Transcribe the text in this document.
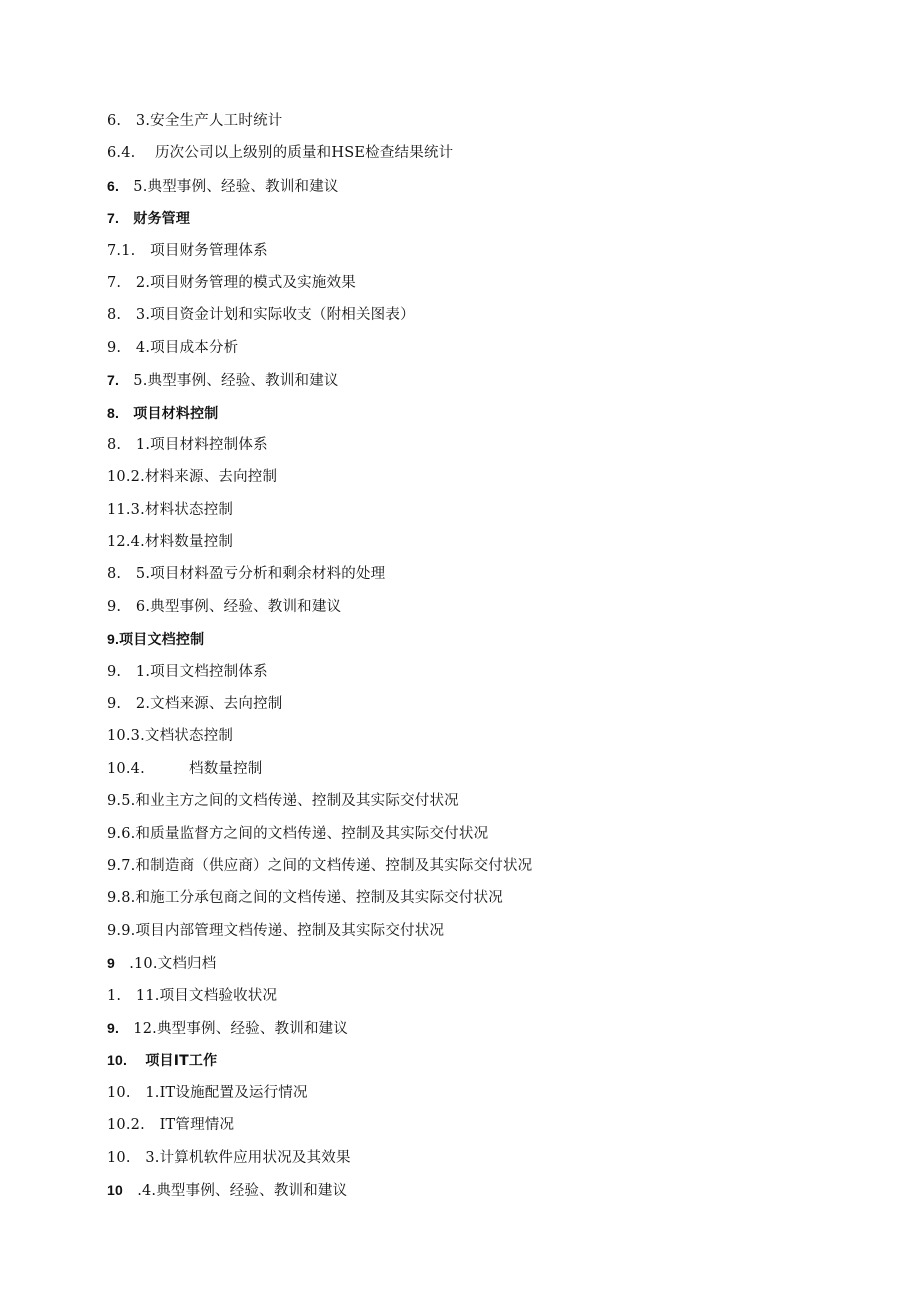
6.　3.安全生产人工时统计
6.4.　 历次公司以上级别的质量和HSE检查结果统计
6.　5.典型事例、经验、教训和建议
7.　财务管理
7.1.　项目财务管理体系
7.　2.项目财务管理的模式及实施效果
8.　3.项目资金计划和实际收支（附相关图表）
9.　4.项目成本分析
7.　5.典型事例、经验、教训和建议
8.　项目材料控制
8.　1.项目材料控制体系
10.2.材料来源、去向控制
11.3.材料状态控制
12.4.材料数量控制
8.　5.项目材料盈亏分析和剩余材料的处理
9.　6.典型事例、经验、教训和建议
9.项目文档控制
9.　1.项目文档控制体系
9.　2.文档来源、去向控制
10.3.文档状态控制
10.4.　　　档数量控制
9.5.和业主方之间的文档传递、控制及其实际交付状况
9.6.和质量监督方之间的文档传递、控制及其实际交付状况
9.7.和制造商（供应商）之间的文档传递、控制及其实际交付状况
9.8.和施工分承包商之间的文档传递、控制及其实际交付状况
9.9.项目内部管理文档传递、控制及其实际交付状况
9　.10.文档归档
1.　11.项目文档验收状况
9.　12.典型事例、经验、教训和建议
10.　 项目IT工作
10.　1.IT设施配置及运行情况
10.2.　IT管理情况
10.　3.计算机软件应用状况及其效果
10　.4.典型事例、经验、教训和建议
